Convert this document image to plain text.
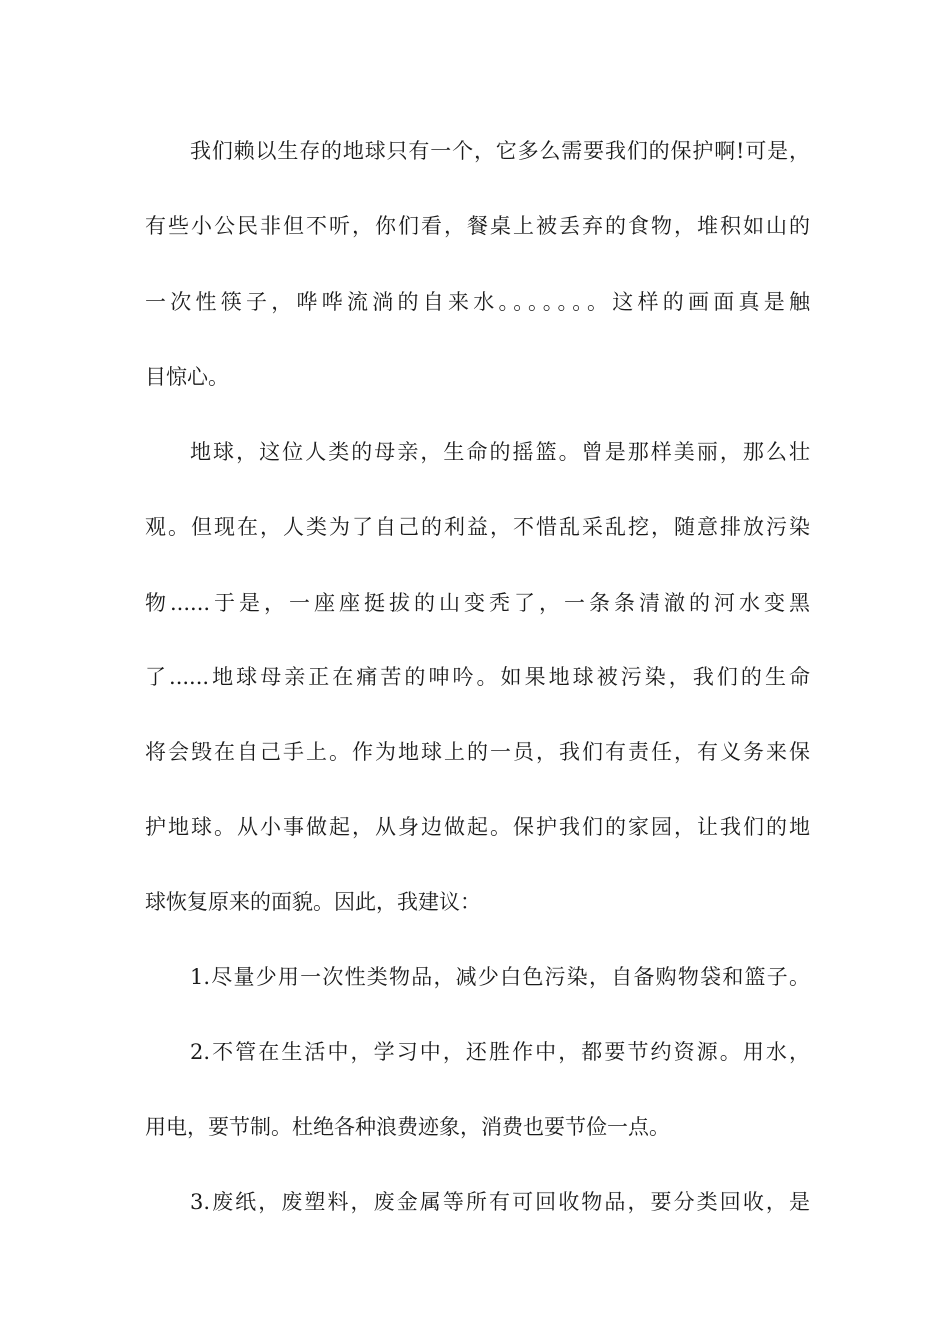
我们赖以生存的地球只有一个，它多么需要我们的保护啊!可是，
有些小公民非但不听，你们看，餐桌上被丢弃的食物，堆积如山的
一次性筷子，哗哗流淌的自来水。。。。。。。这样的画面真是触
目惊心。
地球，这位人类的母亲，生命的摇篮。曾是那样美丽，那么壮
观。但现在，人类为了自己的利益，不惜乱采乱挖，随意排放污染
物......于是，一座座挺拔的山变秃了，一条条清澈的河水变黑
了......地球母亲正在痛苦的呻吟。如果地球被污染，我们的生命
将会毁在自己手上。作为地球上的一员，我们有责任，有义务来保
护地球。从小事做起，从身边做起。保护我们的家园，让我们的地
球恢复原来的面貌。因此，我建议：
1.尽量少用一次性类物品，减少白色污染，自备购物袋和篮子。
2.不管在生活中，学习中，还胜作中，都要节约资源。用水，
用电，要节制。杜绝各种浪费迹象，消费也要节俭一点。
3.废纸，废塑料，废金属等所有可回收物品，要分类回收，是
